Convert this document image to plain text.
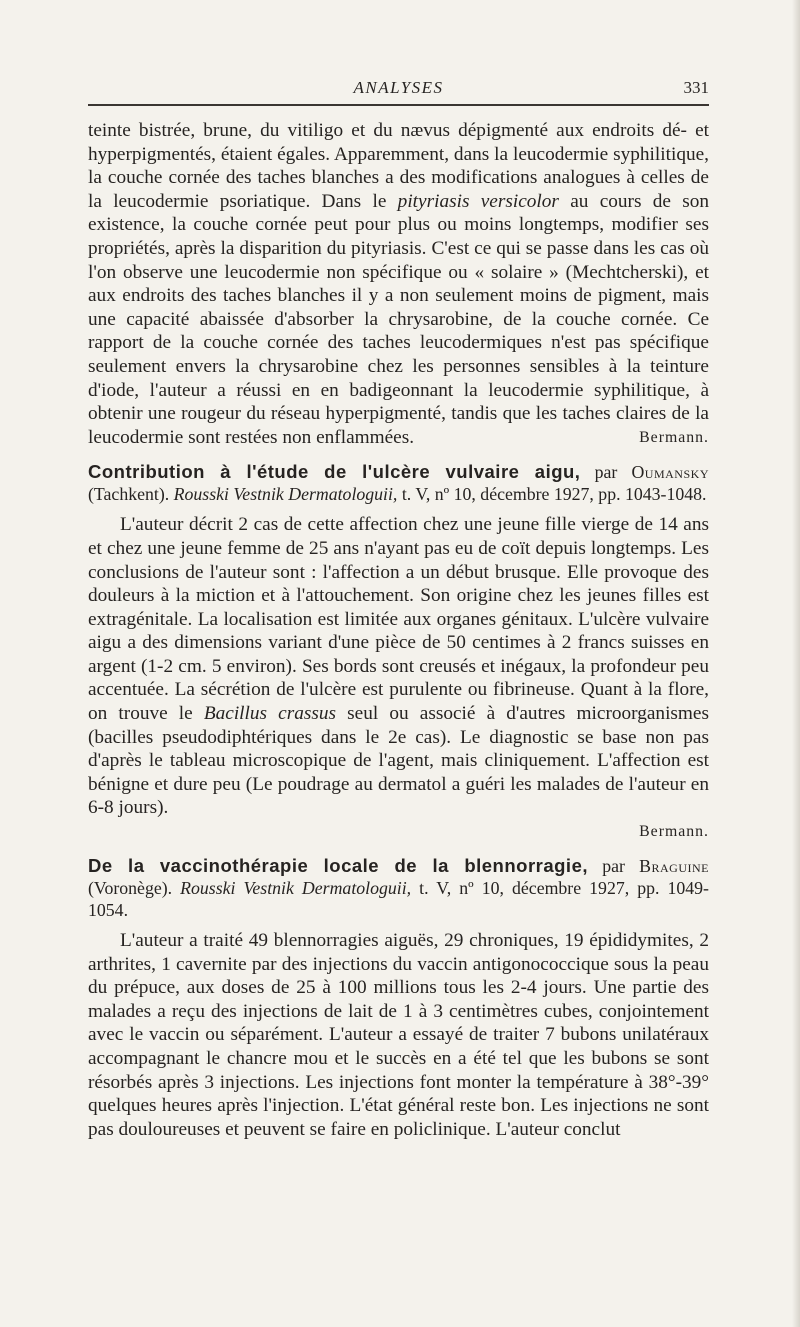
ANALYSES	331

teinte bistrée, brune, du vitiligo et du nævus dépigmenté aux endroits dé- et hyperpigmentés, étaient égales. Apparemment, dans la leucodermie syphilitique, la couche cornée des taches blanches a des modifications analogues à celles de la leucodermie psoriatique. Dans le pityriasis versicolor au cours de son existence, la couche cornée peut pour plus ou moins longtemps, modifier ses propriétés, après la disparition du pityriasis. C'est ce qui se passe dans les cas où l'on observe une leucodermie non spécifique ou « solaire » (Mechtcherski), et aux endroits des taches blanches il y a non seulement moins de pigment, mais une capacité abaissée d'absorber la chrysarobine, de la couche cornée. Ce rapport de la couche cornée des taches leucodermiques n'est pas spécifique seulement envers la chrysarobine chez les personnes sensibles à la teinture d'iode, l'auteur a réussi en en badigeonnant la leucodermie syphilitique, à obtenir une rougeur du réseau hyperpigmenté, tandis que les taches claires de la leucodermie sont restées non enflammées.	Bermann.
Contribution à l'étude de l'ulcère vulvaire aigu, par Oumansky (Tachkent). Rousski Vestnik Dermatologuii, t. V, nº 10, décembre 1927, pp. 1043-1048.

L'auteur décrit 2 cas de cette affection chez une jeune fille vierge de 14 ans et chez une jeune femme de 25 ans n'ayant pas eu de coït depuis longtemps. Les conclusions de l'auteur sont : l'affection a un début brusque. Elle provoque des douleurs à la miction et à l'attouchement. Son origine chez les jeunes filles est extragénitale. La localisation est limitée aux organes génitaux. L'ulcère vulvaire aigu a des dimensions variant d'une pièce de 50 centimes à 2 francs suisses en argent (1-2 cm. 5 environ). Ses bords sont creusés et inégaux, la profondeur peu accentuée. La sécrétion de l'ulcère est purulente ou fibrineuse. Quant à la flore, on trouve le Bacillus crassus seul ou associé à d'autres microorganismes (bacilles pseudodiphtériques dans le 2e cas). Le diagnostic se base non pas d'après le tableau microscopique de l'agent, mais cliniquement. L'affection est bénigne et dure peu (Le poudrage au dermatol a guéri les malades de l'auteur en 6-8 jours).

Bermann.
De la vaccinothérapie locale de la blennorragie, par Braguine (Voronège). Rousski Vestnik Dermatologuii, t. V, nº 10, décembre 1927, pp. 1049-1054.

L'auteur a traité 49 blennorragies aiguës, 29 chroniques, 19 épididymites, 2 arthrites, 1 cavernite par des injections du vaccin antigonococcique sous la peau du prépuce, aux doses de 25 à 100 millions tous les 2-4 jours. Une partie des malades a reçu des injections de lait de 1 à 3 centimètres cubes, conjointement avec le vaccin ou séparément. L'auteur a essayé de traiter 7 bubons unilatéraux accompagnant le chancre mou et le succès en a été tel que les bubons se sont résorbés après 3 injections. Les injections font monter la température à 38°-39° quelques heures après l'injection. L'état général reste bon. Les injections ne sont pas douloureuses et peuvent se faire en policlinique. L'auteur conclut
